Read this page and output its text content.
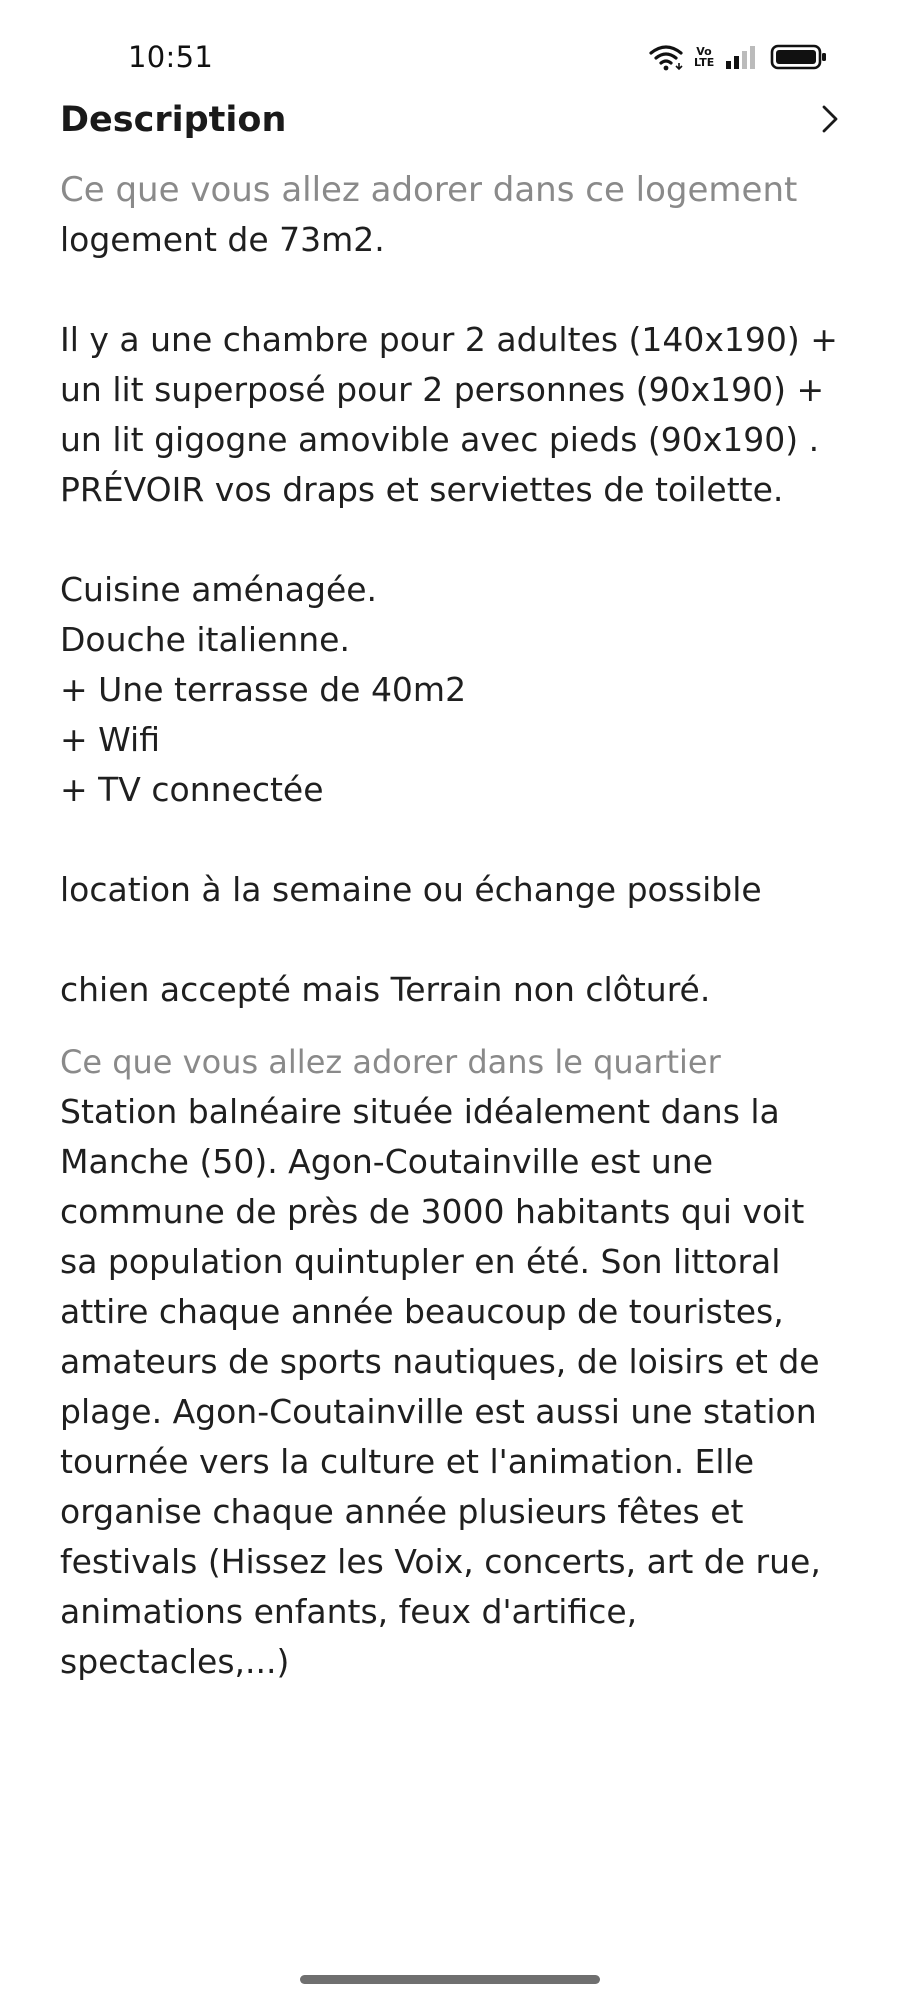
10:51	Vo
LTE
Description

Ce que vous allez adorer dans ce logement

logement de 73m2.

Il y a une chambre pour 2 adultes (140x190) + un lit superposé pour 2 personnes (90x190) + un lit gigogne amovible avec pieds (90x190) .
PRÉVOIR vos draps et serviettes de toilette.

Cuisine aménagée.
Douche italienne.
+ Une terrasse de 40m2
+ Wifi
+ TV connectée

location à la semaine ou échange possible

chien accepté mais Terrain non clôturé.

Ce que vous allez adorer dans le quartier

Station balnéaire située idéalement dans la Manche (50). Agon-Coutainville est une commune de près de 3000 habitants qui voit sa population quintupler en été. Son littoral attire chaque année beaucoup de touristes, amateurs de sports nautiques, de loisirs et de plage. Agon-Coutainville est aussi une station tournée vers la culture et l'animation. Elle organise chaque année plusieurs fêtes et festivals (Hissez les Voix, concerts, art de rue, animations enfants, feux d'artifice, spectacles,...)
